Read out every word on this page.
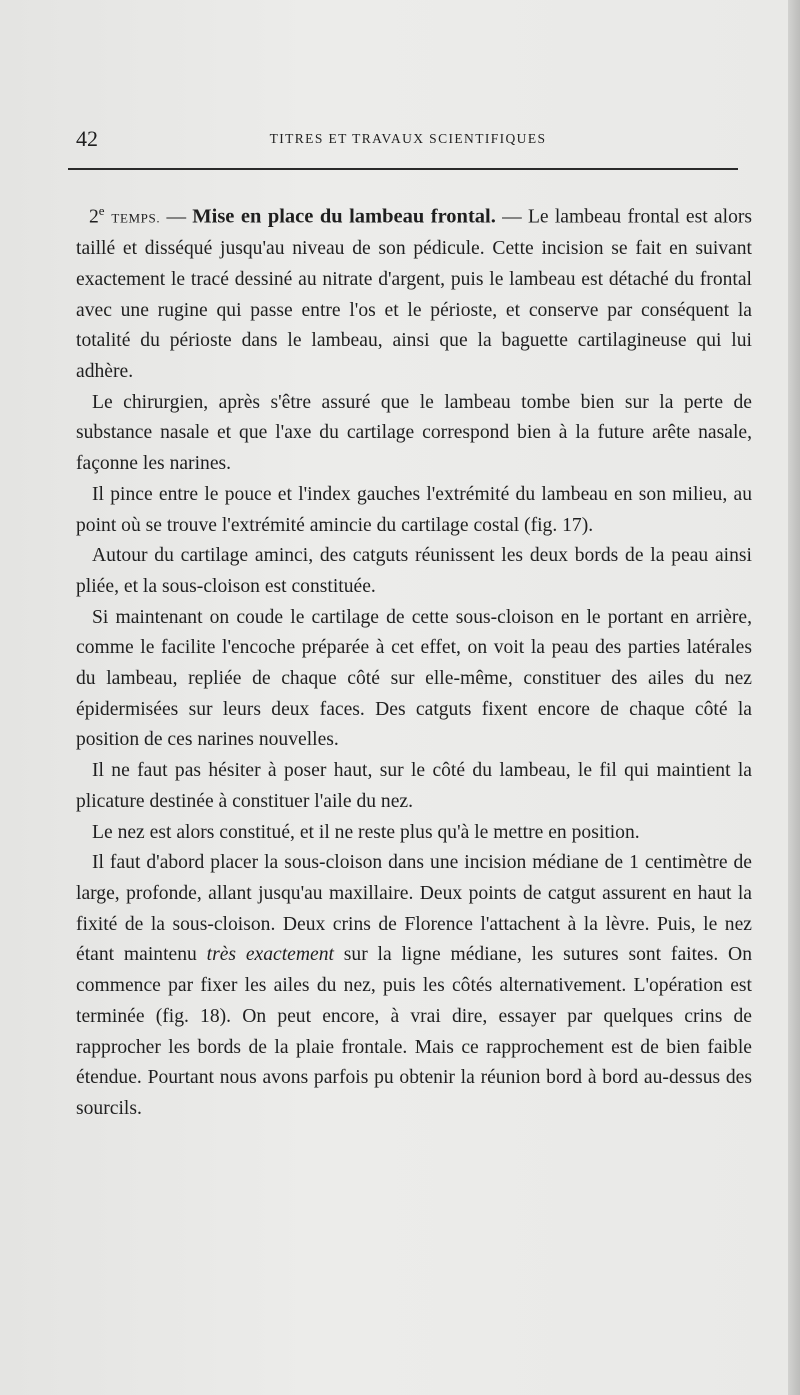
42	TITRES ET TRAVAUX SCIENTIFIQUES

2e TEMPS. — Mise en place du lambeau frontal. — Le lambeau frontal est alors taillé et disséqué jusqu'au niveau de son pédicule. Cette incision se fait en suivant exactement le tracé dessiné au nitrate d'argent, puis le lambeau est détaché du frontal avec une rugine qui passe entre l'os et le périoste, et conserve par conséquent la totalité du périoste dans le lambeau, ainsi que la baguette cartilagineuse qui lui adhère.

Le chirurgien, après s'être assuré que le lambeau tombe bien sur la perte de substance nasale et que l'axe du cartilage correspond bien à la future arête nasale, façonne les narines.

Il pince entre le pouce et l'index gauches l'extrémité du lambeau en son milieu, au point où se trouve l'extrémité amincie du cartilage costal (fig. 17).

Autour du cartilage aminci, des catguts réunissent les deux bords de la peau ainsi pliée, et la sous-cloison est constituée.

Si maintenant on coude le cartilage de cette sous-cloison en le portant en arrière, comme le facilite l'encoche préparée à cet effet, on voit la peau des parties latérales du lambeau, repliée de chaque côté sur elle-même, constituer des ailes du nez épidermisées sur leurs deux faces. Des catguts fixent encore de chaque côté la position de ces narines nouvelles.

Il ne faut pas hésiter à poser haut, sur le côté du lambeau, le fil qui maintient la plicature destinée à constituer l'aile du nez.

Le nez est alors constitué, et il ne reste plus qu'à le mettre en position.

Il faut d'abord placer la sous-cloison dans une incision médiane de 1 centimètre de large, profonde, allant jusqu'au maxillaire. Deux points de catgut assurent en haut la fixité de la sous-cloison. Deux crins de Florence l'attachent à la lèvre. Puis, le nez étant maintenu très exactement sur la ligne médiane, les sutures sont faites. On commence par fixer les ailes du nez, puis les côtés alternativement. L'opération est terminée (fig. 18). On peut encore, à vrai dire, essayer par quelques crins de rapprocher les bords de la plaie frontale. Mais ce rapprochement est de bien faible étendue. Pourtant nous avons parfois pu obtenir la réunion bord à bord au-dessus des sourcils.
